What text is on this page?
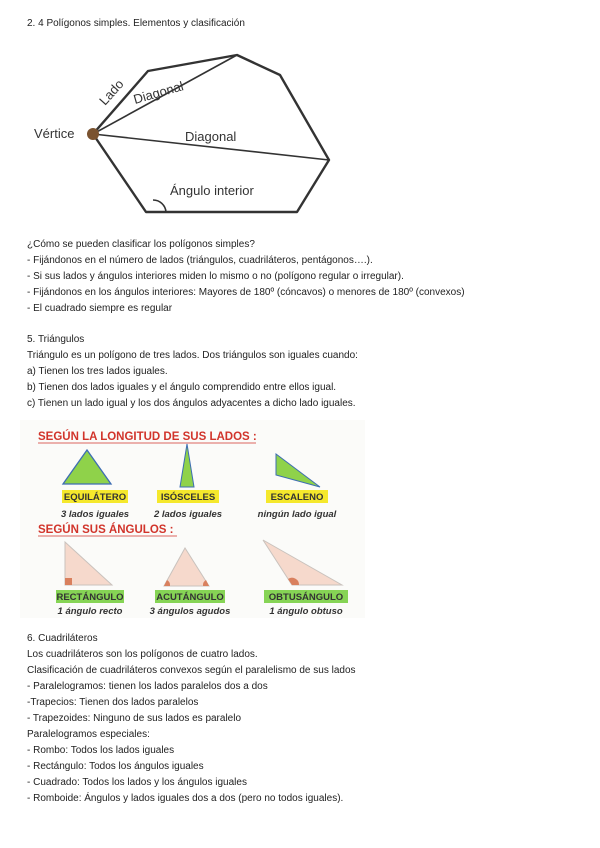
2. 4 Polígonos simples. Elementos y clasificación
Lado Diagonal
Vértice	Diagonal
Ángulo interior
¿Cómo se pueden clasificar los polígonos simples?
- Fijándonos en el número de lados (triángulos, cuadriláteros, pentágonos….).
- Si sus lados y ángulos interiores miden lo mismo o no (polígono regular o irregular).
- Fijándonos en los ángulos interiores: Mayores de 180º (cóncavos) o menores de 180º (convexos)
- El cuadrado siempre es regular
5. Triángulos
Triángulo es un polígono de tres lados. Dos triángulos son iguales cuando:
a) Tienen los tres lados iguales.
b) Tienen dos lados iguales y el ángulo comprendido entre ellos igual.
c) Tienen un lado igual y los dos ángulos adyacentes a dicho lado iguales.
SEGÚN LA LONGITUD DE SUS LADOS :
EQUILÁTERO	ISÓSCELES	ESCALENO
3 lados iguales	2 lados iguales	ningún lado igual
SEGÚN SUS ÁNGULOS :
RECTÁNGULO	ACUTÁNGULO	OBTUSÁNGULO
1 ángulo recto	3 ángulos agudos	1 ángulo obtuso
6. Cuadriláteros
Los cuadriláteros son los polígonos de cuatro lados.
Clasificación de cuadriláteros convexos según el paralelismo de sus lados
- Paralelogramos: tienen los lados paralelos dos a dos
-Trapecios: Tienen dos lados paralelos
- Trapezoides: Ninguno de sus lados es paralelo
Paralelogramos especiales:
- Rombo: Todos los lados iguales
- Rectángulo: Todos los ángulos iguales
- Cuadrado: Todos los lados y los ángulos iguales
- Romboide: Ángulos y lados iguales dos a dos (pero no todos iguales).
